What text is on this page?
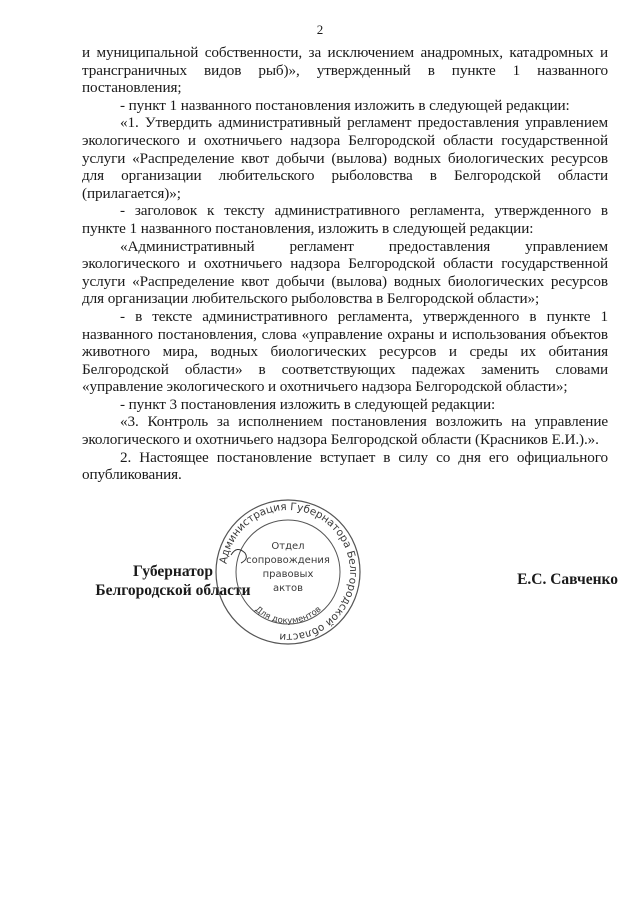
2

и муниципальной собственности, за исключением анадромных, катадромных и трансграничных видов рыб)», утвержденный в пункте 1 названного постановления;

- пункт 1 названного постановления изложить в следующей редакции:

«1. Утвердить административный регламент предоставления управлением экологического и охотничьего надзора Белгородской области государственной услуги «Распределение квот добычи (вылова) водных биологических ресурсов для организации любительского рыболовства в Белгородской области (прилагается)»;

- заголовок к тексту административного регламента, утвержденного в пункте 1 названного постановления, изложить в следующей редакции:

«Административный регламент предоставления управлением экологического и охотничьего надзора Белгородской области государственной услуги «Распределение квот добычи (вылова) водных биологических ресурсов для организации любительского рыболовства в Белгородской области»;

- в тексте административного регламента, утвержденного в пункте 1 названного постановления, слова «управление охраны и использования объектов животного мира, водных биологических ресурсов и среды их обитания Белгородской области» в соответствующих падежах заменить словами «управление экологического и охотничьего надзора Белгородской области»;

- пункт 3 постановления изложить в следующей редакции:

«3. Контроль за исполнением постановления возложить на управление экологического и охотничьего надзора Белгородской области (Красников Е.И.).».

2. Настоящее постановление вступает в силу со дня его официального опубликования.

Губернатор
Белгородской области
Е.С. Савченко
Администрация Губернатора Белгородской области
Для документов
Отдел
сопровождения
правовых
актов
